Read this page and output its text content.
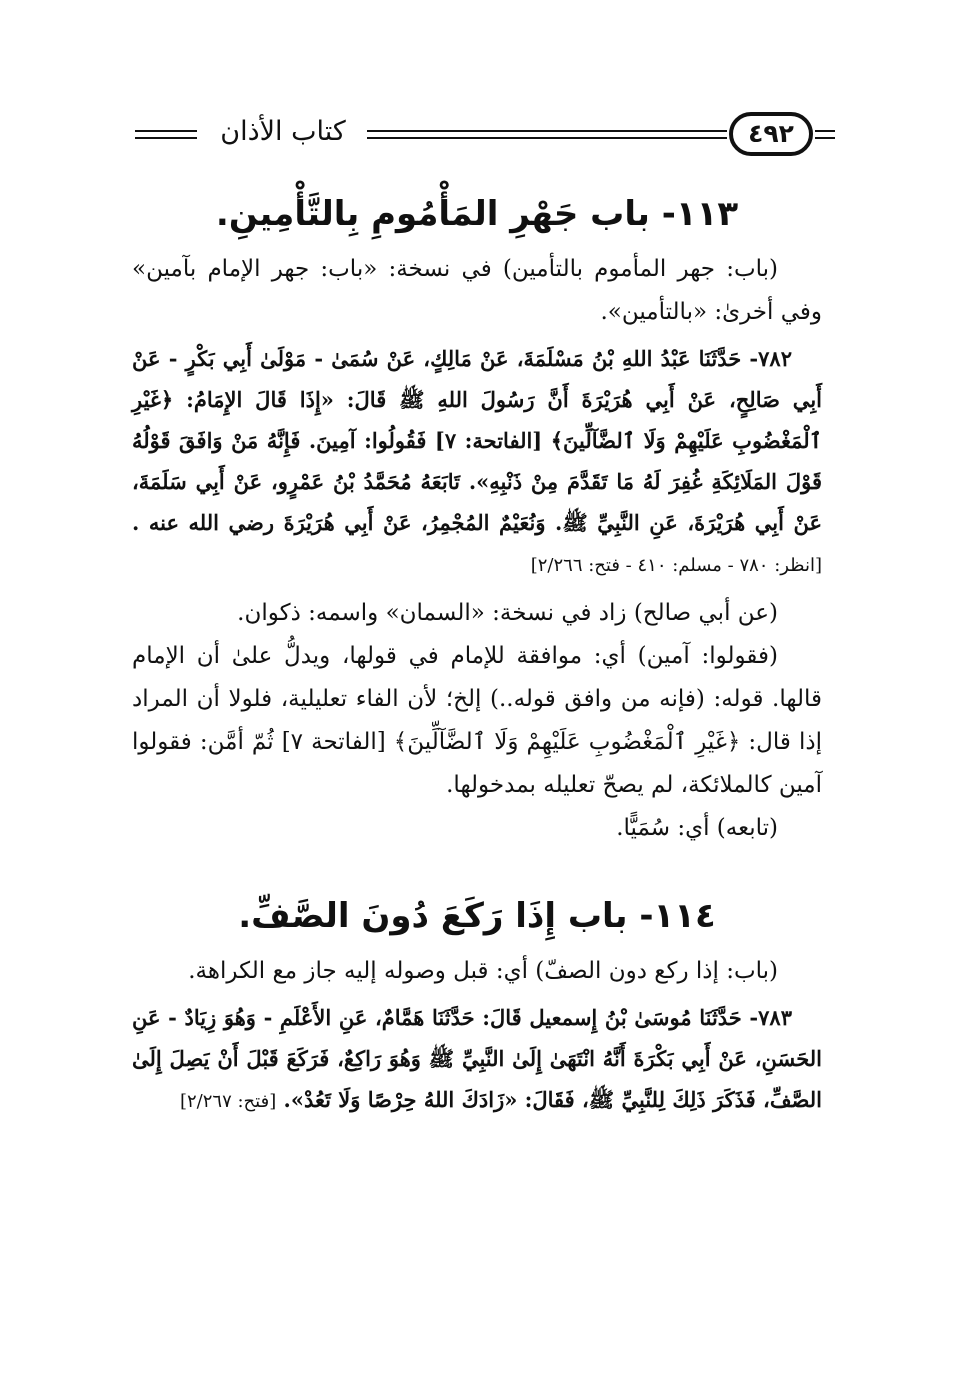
كتاب الأذان	٤٩٢
١١٣- باب جَهْرِ المَأْمُومِ بِالتَّأْمِينِ.

(باب: جهر المأموم بالتأمين) في نسخة: «باب: جهر الإمام بآمين» وفي أخرىٰ: «بالتأمين».

٧٨٢- حَدَّثَنَا عَبْدُ اللهِ بْنُ مَسْلَمَةَ، عَنْ مَالِكٍ، عَنْ سُمَىٰ - مَوْلَىٰ أَبِي بَكْرٍ - عَنْ أَبِي صَالِحٍ، عَنْ أَبِي هُرَيْرَةَ أَنَّ رَسُولَ اللهِ ﷺ قَالَ: «إِذَا قَالَ الإِمَامُ: ﴿غَيْرِ ٱلْمَغْضُوبِ عَلَيْهِمْ وَلَا ٱلضَّآلِّينَ﴾ [الفاتحة: ٧] فَقُولُوا: آمِينَ. فَإِنَّهُ مَنْ وَافَقَ قَوْلُهُ قَوْلَ المَلَائِكَةِ غُفِرَ لَهُ مَا تَقَدَّمَ مِنْ ذَنْبِهِ». تَابَعَهُ مُحَمَّدُ بْنُ عَمْرٍو، عَنْ أَبِي سَلَمَةَ، عَنْ أَبِي هُرَيْرَةَ، عَنِ النَّبِيِّ ﷺ. وَنُعَيْمٌ المُجْمِرُ، عَنْ أَبِي هُرَيْرَةَ رضي الله عنه .[انظر: ٧٨٠ - مسلم: ٤١٠ - فتح: ٢/٢٦٦]

(عن أبي صالح) زاد في نسخة: «السمان» واسمه: ذكوان.

(فقولوا: آمين) أي: موافقة للإمام في قولها، ويدلُّ علىٰ أن الإمام قالها. قوله: (فإنه من وافق قوله..) إلخ؛ لأن الفاء تعليلية، فلولا أن المراد إذا قال: ﴿غَيْرِ ٱلْمَغْضُوبِ عَلَيْهِمْ وَلَا ٱلضَّآلِّينَ﴾ [الفاتحة ٧] ثُمّ أمَّن: فقولوا آمين كالملائكة، لم يصحّ تعليله بمدخولها.

(تابعه) أي: سُمَيًّا.

١١٤- باب إِذَا رَكَعَ دُونَ الصَّفِّ.

(باب: إذا ركع دون الصفّ) أي: قبل وصوله إليه جاز مع الكراهة.

٧٨٣- حَدَّثَنَا مُوسَىٰ بْنُ إِسمعيل قَالَ: حَدَّثَنَا هَمَّامٌ، عَنِ الأَعْلَمِ - وَهُوَ زِيَادٌ - عَنِ الحَسَنِ، عَنْ أَبِي بَكْرَةَ أَنَّهُ انْتَهَىٰ إِلَىٰ النَّبِيِّ ﷺ وَهُوَ رَاكِعٌ، فَرَكَعَ قَبْلَ أَنْ يَصِلَ إِلَىٰ الصَّفِّ، فَذَكَرَ ذَلِكَ لِلنَّبِيِّ ﷺ، فَقَالَ: «زَادَكَ اللهُ حِرْصًا وَلَا تَعُدْ». [فتح: ٢/٢٦٧]
